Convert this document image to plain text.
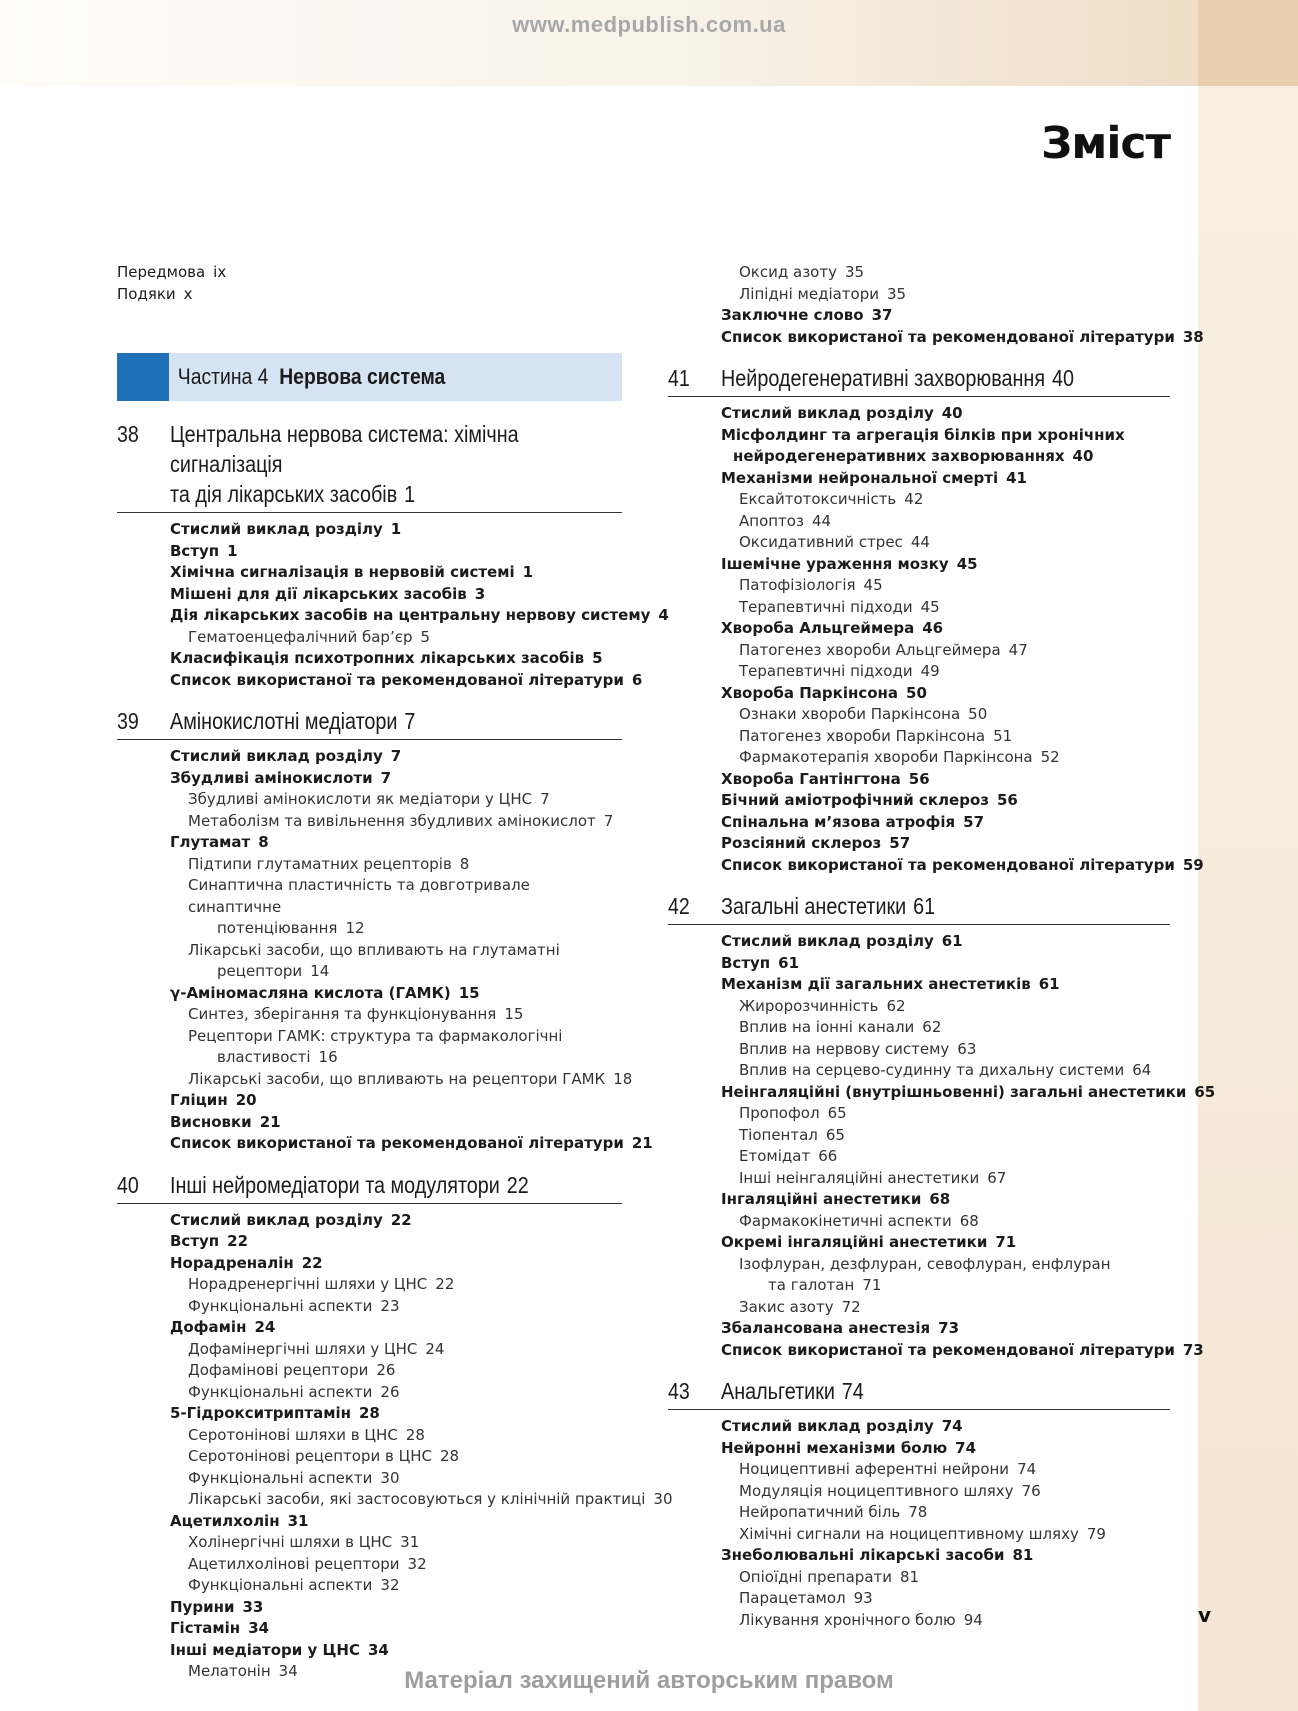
www.medpublish.com.ua
Зміст
Передмова ix
Подяки x
Частина 4 Нервова система
38	Центральна нервова система: хімічна сигналізація
та дія лікарських засобів 1
Стислий виклад розділу 1
Вступ 1
Хімічна сигналізація в нервовій системі 1
Мішені для дії лікарських засобів 3
Дія лікарських засобів на центральну нервову систему 4
Гематоенцефалічний бар’єр 5
Класифікація психотропних лікарських засобів 5
Список використаної та рекомендованої літератури 6
39	Амінокислотні медіатори 7
Стислий виклад розділу 7
Збудливі амінокислоти 7
Збудливі амінокислоти як медіатори у ЦНС 7
Метаболізм та вивільнення збудливих амінокислот 7
Глутамат 8
Підтипи глутаматних рецепторів 8
Синаптична пластичність та довготривале синаптичне
потенціювання 12
Лікарські засоби, що впливають на глутаматні
рецептори 14
γ-Аміномасляна кислота (ГАМК) 15
Синтез, зберігання та функціонування 15
Рецептори ГАМК: структура та фармакологічні
властивості 16
Лікарські засоби, що впливають на рецептори ГАМК 18
Гліцин 20
Висновки 21
Список використаної та рекомендованої літератури 21
40	Інші нейромедіатори та модулятори 22
Стислий виклад розділу 22
Вступ 22
Норадреналін 22
Норадренергічні шляхи у ЦНС 22
Функціональні аспекти 23
Дофамін 24
Дофамінергічні шляхи у ЦНС 24
Дофамінові рецептори 26
Функціональні аспекти 26
5-Гідрокситриптамін 28
Серотонінові шляхи в ЦНС 28
Серотонінові рецептори в ЦНС 28
Функціональні аспекти 30
Лікарські засоби, які застосовуються у клінічній практиці 30
Ацетилхолін 31
Холінергічні шляхи в ЦНС 31
Ацетилхолінові рецептори 32
Функціональні аспекти 32
Пурини 33
Гістамін 34
Інші медіатори у ЦНС 34
Мелатонін 34
Оксид азоту 35
Ліпідні медіатори 35
Заключне слово 37
Список використаної та рекомендованої літератури 38
41	Нейродегенеративні захворювання 40
Стислий виклад розділу 40
Місфолдинг та агрегація білків при хронічних
нейродегенеративних захворюваннях 40
Механізми нейрональної смерті 41
Ексайтотоксичність 42
Апоптоз 44
Оксидативний стрес 44
Ішемічне ураження мозку 45
Патофізіологія 45
Терапевтичні підходи 45
Хвороба Альцгеймера 46
Патогенез хвороби Альцгеймера 47
Терапевтичні підходи 49
Хвороба Паркінсона 50
Ознаки хвороби Паркінсона 50
Патогенез хвороби Паркінсона 51
Фармакотерапія хвороби Паркінсона 52
Хвороба Гантінгтона 56
Бічний аміотрофічний склероз 56
Спінальна м’язова атрофія 57
Розсіяний склероз 57
Список використаної та рекомендованої літератури 59
42	Загальні анестетики 61
Стислий виклад розділу 61
Вступ 61
Механізм дії загальних анестетиків 61
Жиророзчинність 62
Вплив на іонні канали 62
Вплив на нервову систему 63
Вплив на серцево-судинну та дихальну системи 64
Неінгаляційні (внутрішньовенні) загальні анестетики 65
Пропофол 65
Тіопентал 65
Етомідат 66
Інші неінгаляційні анестетики 67
Інгаляційні анестетики 68
Фармакокінетичні аспекти 68
Окремі інгаляційні анестетики 71
Ізофлуран, дезфлуран, севофлуран, енфлуран
та галотан 71
Закис азоту 72
Збалансована анестезія 73
Список використаної та рекомендованої літератури 73
43	Анальгетики 74
Стислий виклад розділу 74
Нейронні механізми болю 74
Ноцицептивні аферентні нейрони 74
Модуляція ноцицептивного шляху 76
Нейропатичний біль 78
Хімічні сигнали на ноцицептивному шляху 79
Знеболювальні лікарські засоби 81
Опіоїдні препарати 81
Парацетамол 93
Лікування хронічного болю 94	v
Матеріал захищений авторським правом
